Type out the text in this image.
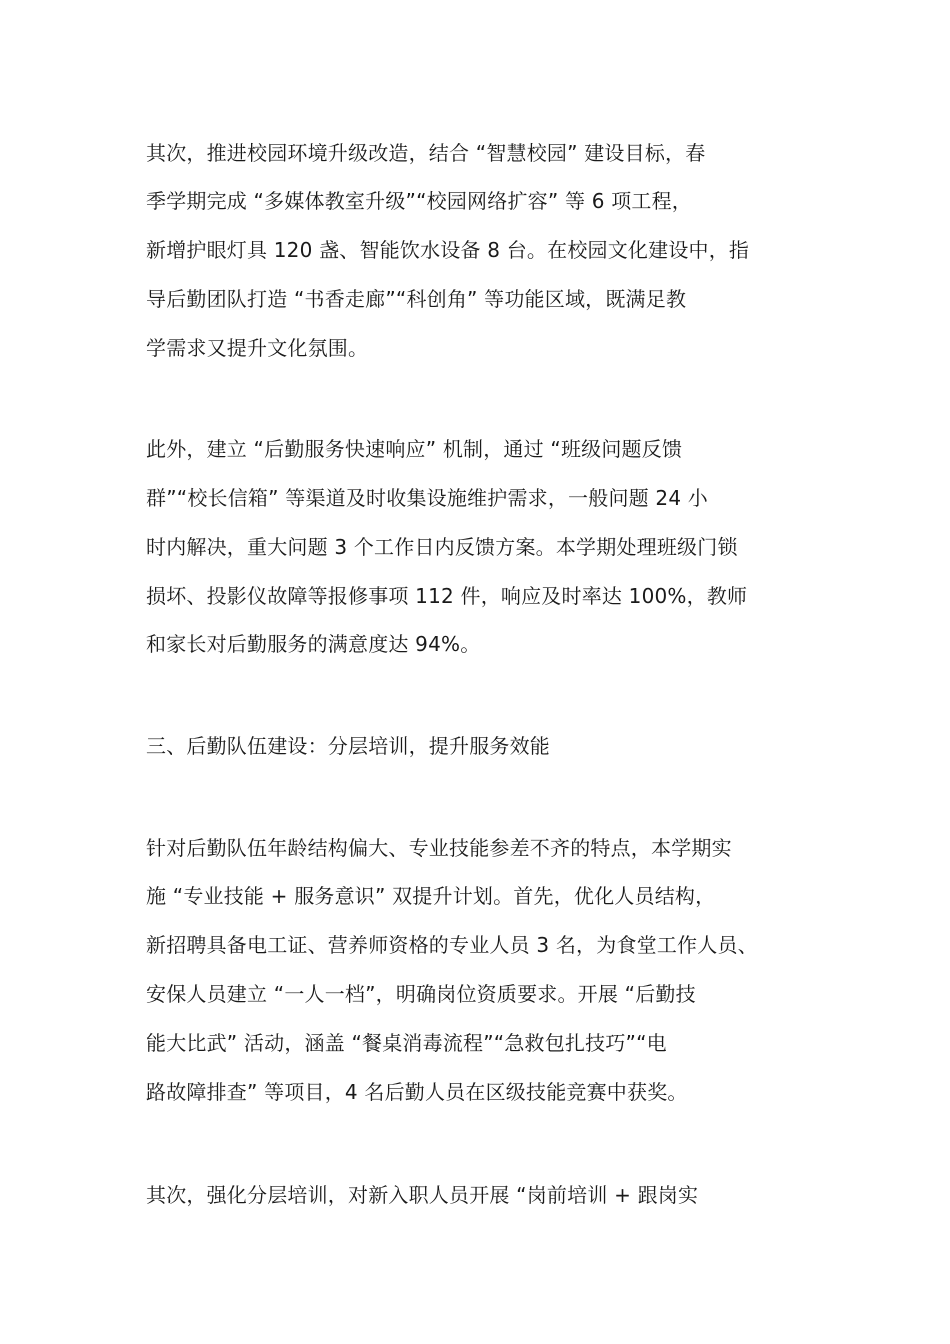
其次，推进校园环境升级改造，结合 “智慧校园” 建设目标，春
季学期完成 “多媒体教室升级”“校园网络扩容” 等 6 项工程，
新增护眼灯具 120 盏、智能饮水设备 8 台。在校园文化建设中，指
导后勤团队打造 “书香走廊”“科创角” 等功能区域，既满足教
学需求又提升文化氛围。
此外，建立 “后勤服务快速响应” 机制，通过 “班级问题反馈
群”“校长信箱” 等渠道及时收集设施维护需求，一般问题 24 小
时内解决，重大问题 3 个工作日内反馈方案。本学期处理班级门锁
损坏、投影仪故障等报修事项 112 件，响应及时率达 100%，教师
和家长对后勤服务的满意度达 94%。
三、后勤队伍建设：分层培训，提升服务效能
针对后勤队伍年龄结构偏大、专业技能参差不齐的特点，本学期实
施 “专业技能 + 服务意识” 双提升计划。首先，优化人员结构，
新招聘具备电工证、营养师资格的专业人员 3 名，为食堂工作人员、
安保人员建立 “一人一档”，明确岗位资质要求。开展 “后勤技
能大比武” 活动，涵盖 “餐桌消毒流程”“急救包扎技巧”“电
路故障排查” 等项目，4 名后勤人员在区级技能竞赛中获奖。
其次，强化分层培训，对新入职人员开展 “岗前培训 + 跟岗实
